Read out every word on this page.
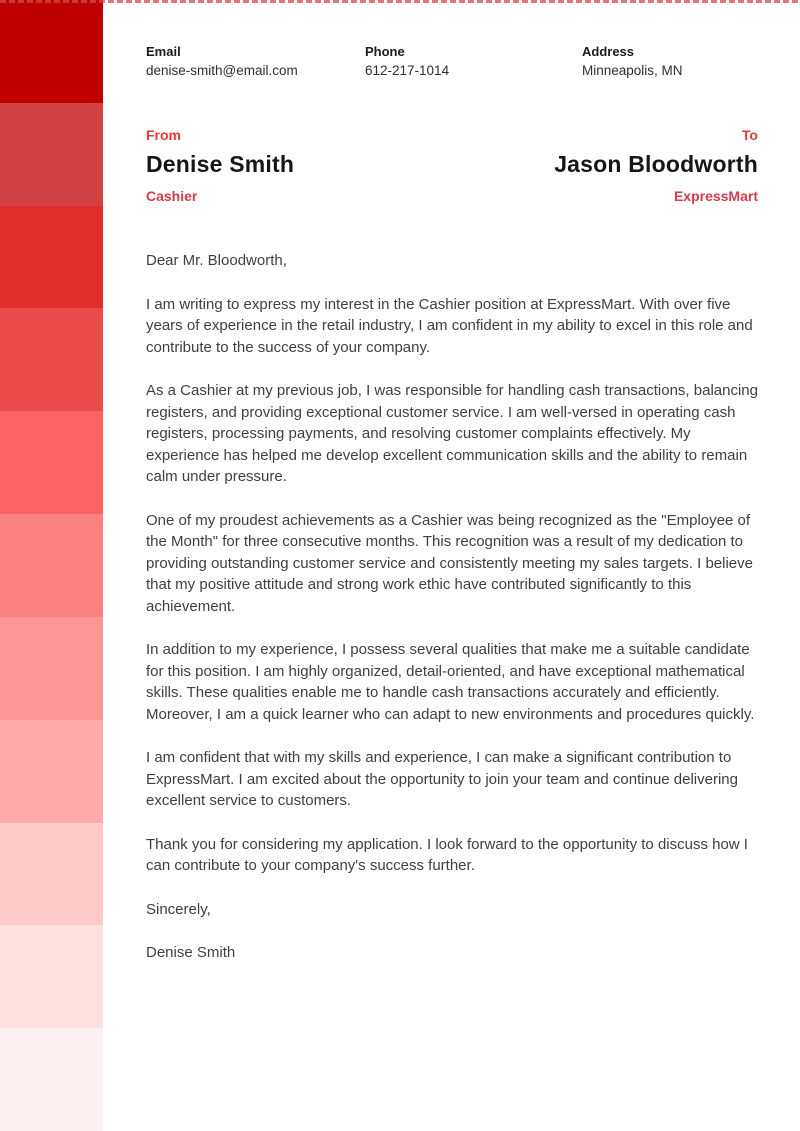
Email
denise-smith@email.com
Phone
612-217-1014
Address
Minneapolis, MN
From
Denise Smith
Cashier
To
Jason Bloodworth
ExpressMart

Dear Mr. Bloodworth,

I am writing to express my interest in the Cashier position at ExpressMart. With over five years of experience in the retail industry, I am confident in my ability to excel in this role and contribute to the success of your company.

As a Cashier at my previous job, I was responsible for handling cash transactions, balancing registers, and providing exceptional customer service. I am well-versed in operating cash registers, processing payments, and resolving customer complaints effectively. My experience has helped me develop excellent communication skills and the ability to remain calm under pressure.

One of my proudest achievements as a Cashier was being recognized as the "Employee of the Month" for three consecutive months. This recognition was a result of my dedication to providing outstanding customer service and consistently meeting my sales targets. I believe that my positive attitude and strong work ethic have contributed significantly to this achievement.

In addition to my experience, I possess several qualities that make me a suitable candidate for this position. I am highly organized, detail-oriented, and have exceptional mathematical skills. These qualities enable me to handle cash transactions accurately and efficiently. Moreover, I am a quick learner who can adapt to new environments and procedures quickly.

I am confident that with my skills and experience, I can make a significant contribution to ExpressMart. I am excited about the opportunity to join your team and continue delivering excellent service to customers.

Thank you for considering my application. I look forward to the opportunity to discuss how I can contribute to your company's success further.

Sincerely,

Denise Smith
